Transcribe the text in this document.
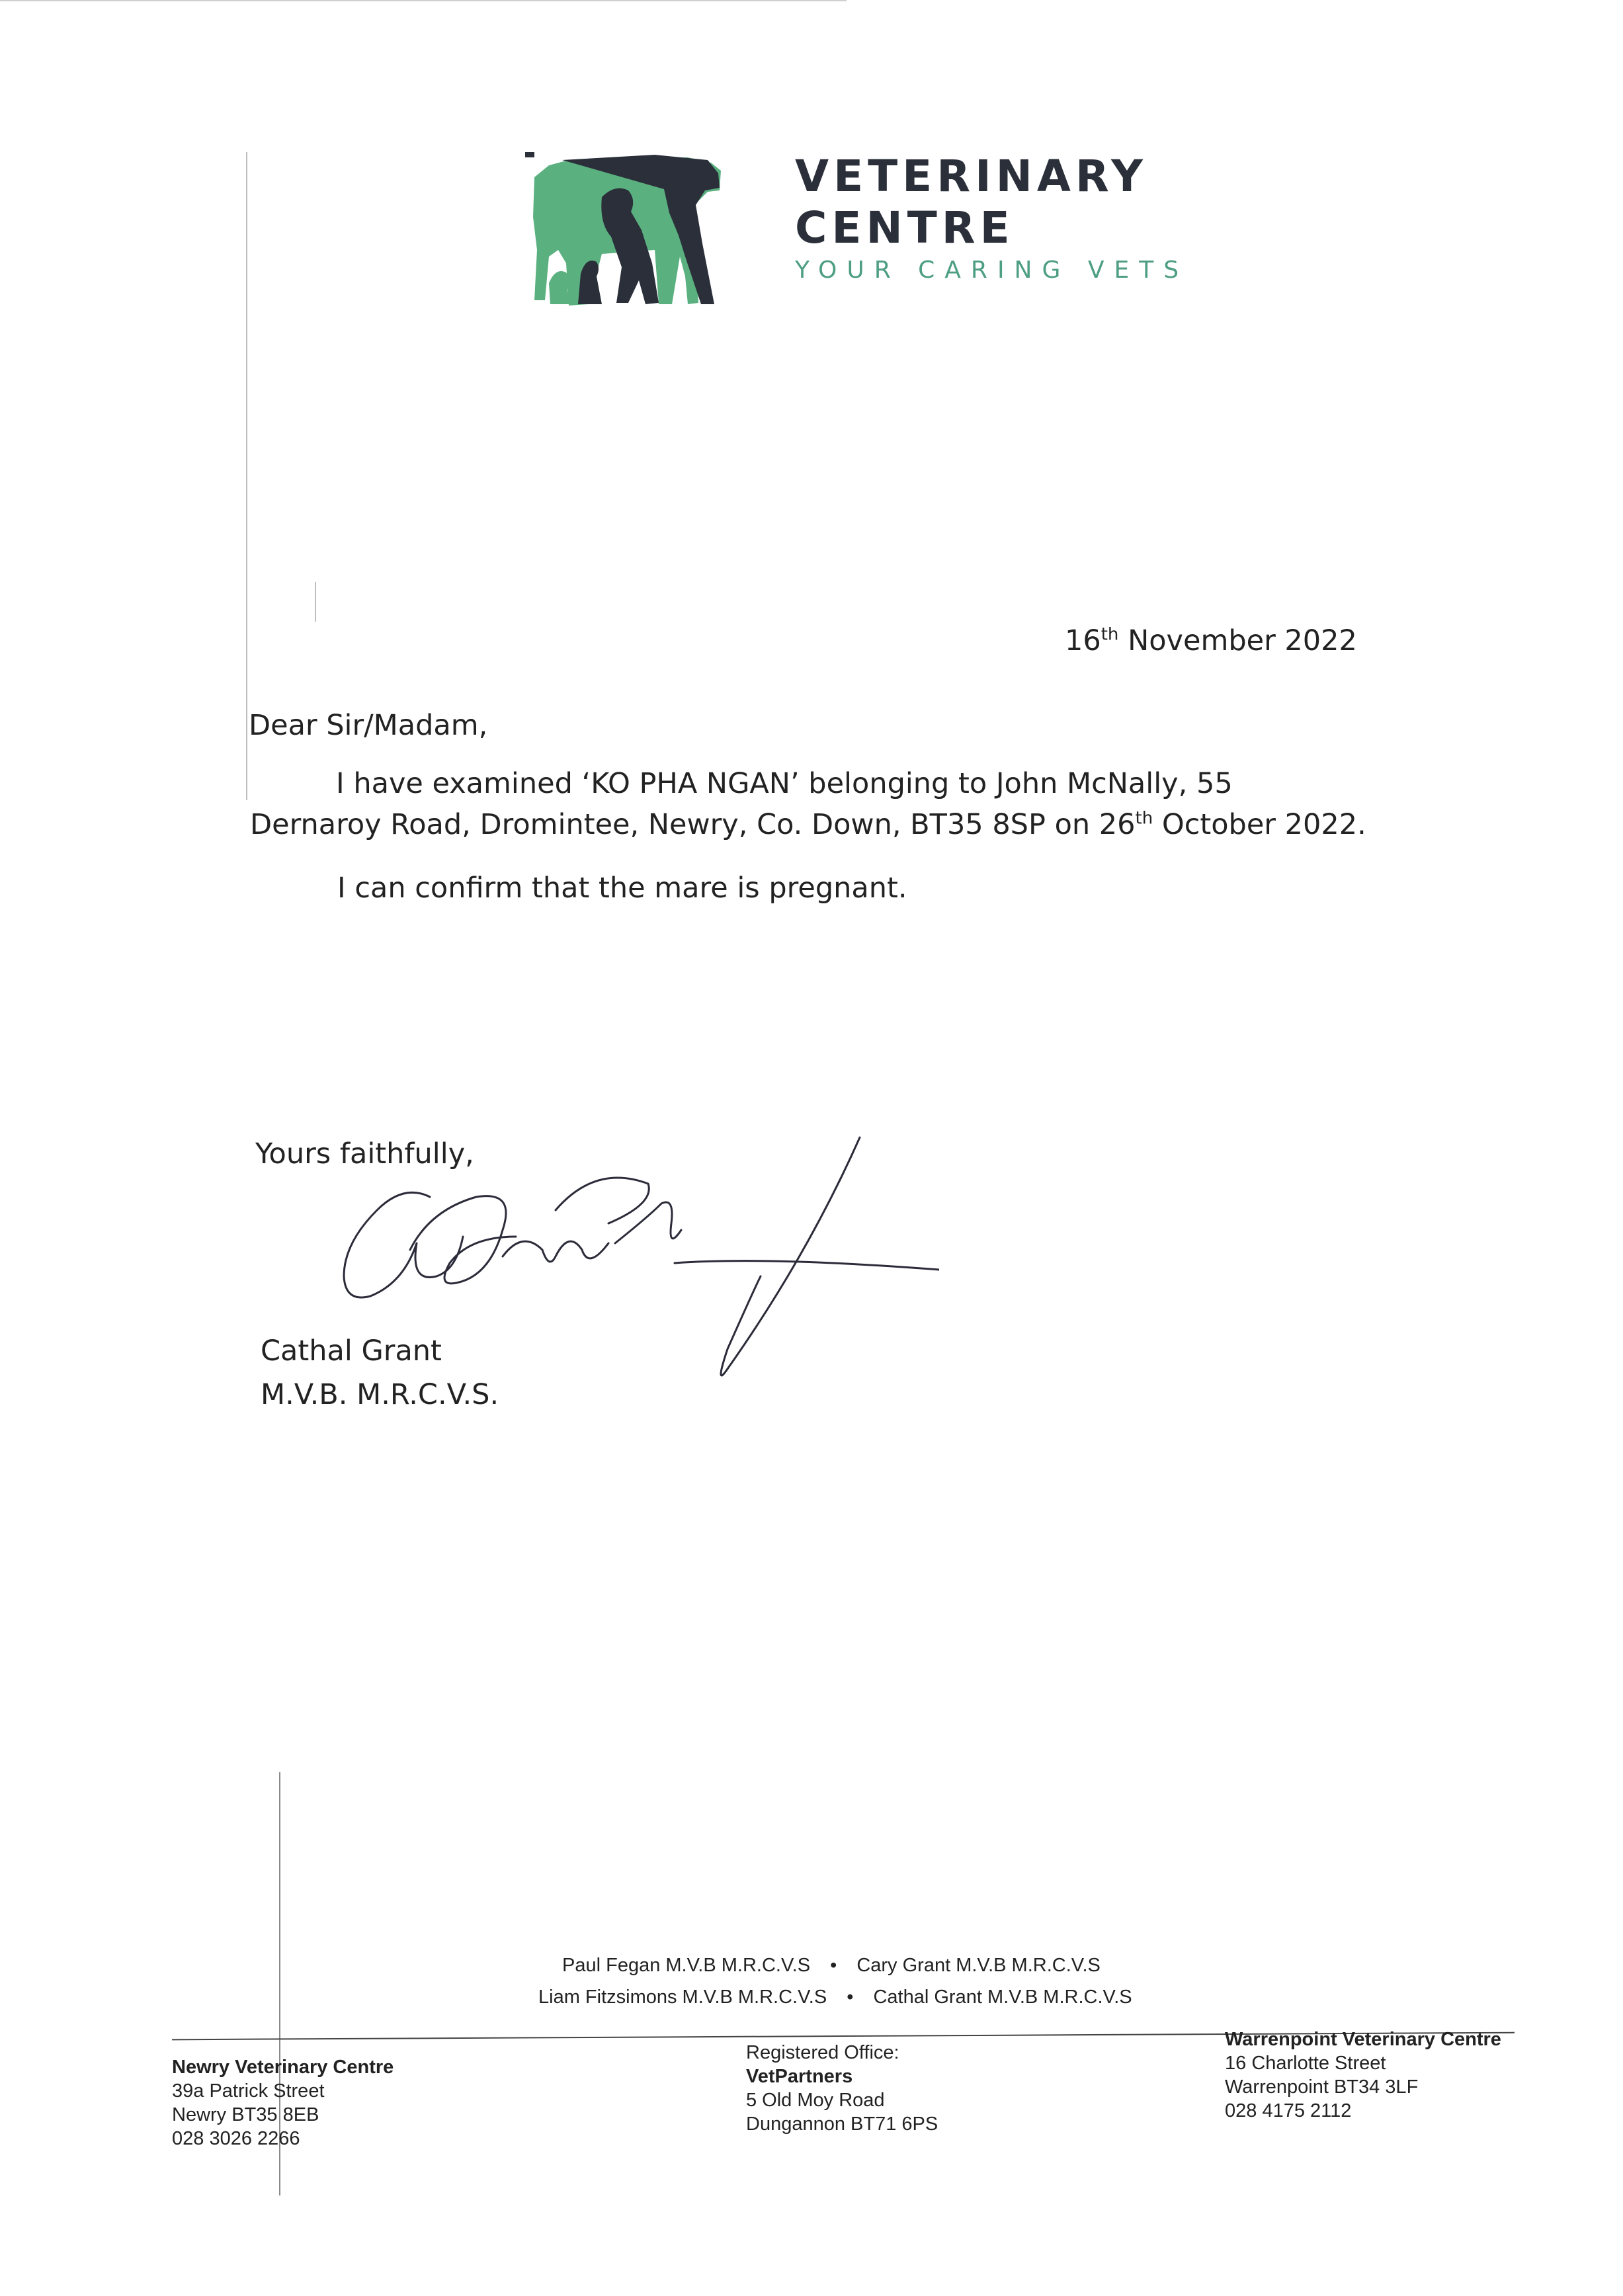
VETERINARY
CENTRE
YOUR CARING VETS
16th November 2022
Dear Sir/Madam,
I have examined ‘KO PHA NGAN’ belonging to John McNally, 55
Dernaroy Road, Dromintee, Newry, Co. Down, BT35 8SP on 26th October 2022.
I can confirm that the mare is pregnant.
Yours faithfully,
Cathal Grant
M.V.B. M.R.C.V.S.
Paul Fegan M.V.B M.R.C.V.S • Cary Grant M.V.B M.R.C.V.S
Liam Fitzsimons M.V.B M.R.C.V.S • Cathal Grant M.V.B M.R.C.V.S
Newry Veterinary Centre
39a Patrick Street
Newry BT35 8EB
028 3026 2266
Registered Office:
VetPartners
5 Old Moy Road
Dungannon BT71 6PS
Warrenpoint Veterinary Centre
16 Charlotte Street
Warrenpoint BT34 3LF
028 4175 2112
